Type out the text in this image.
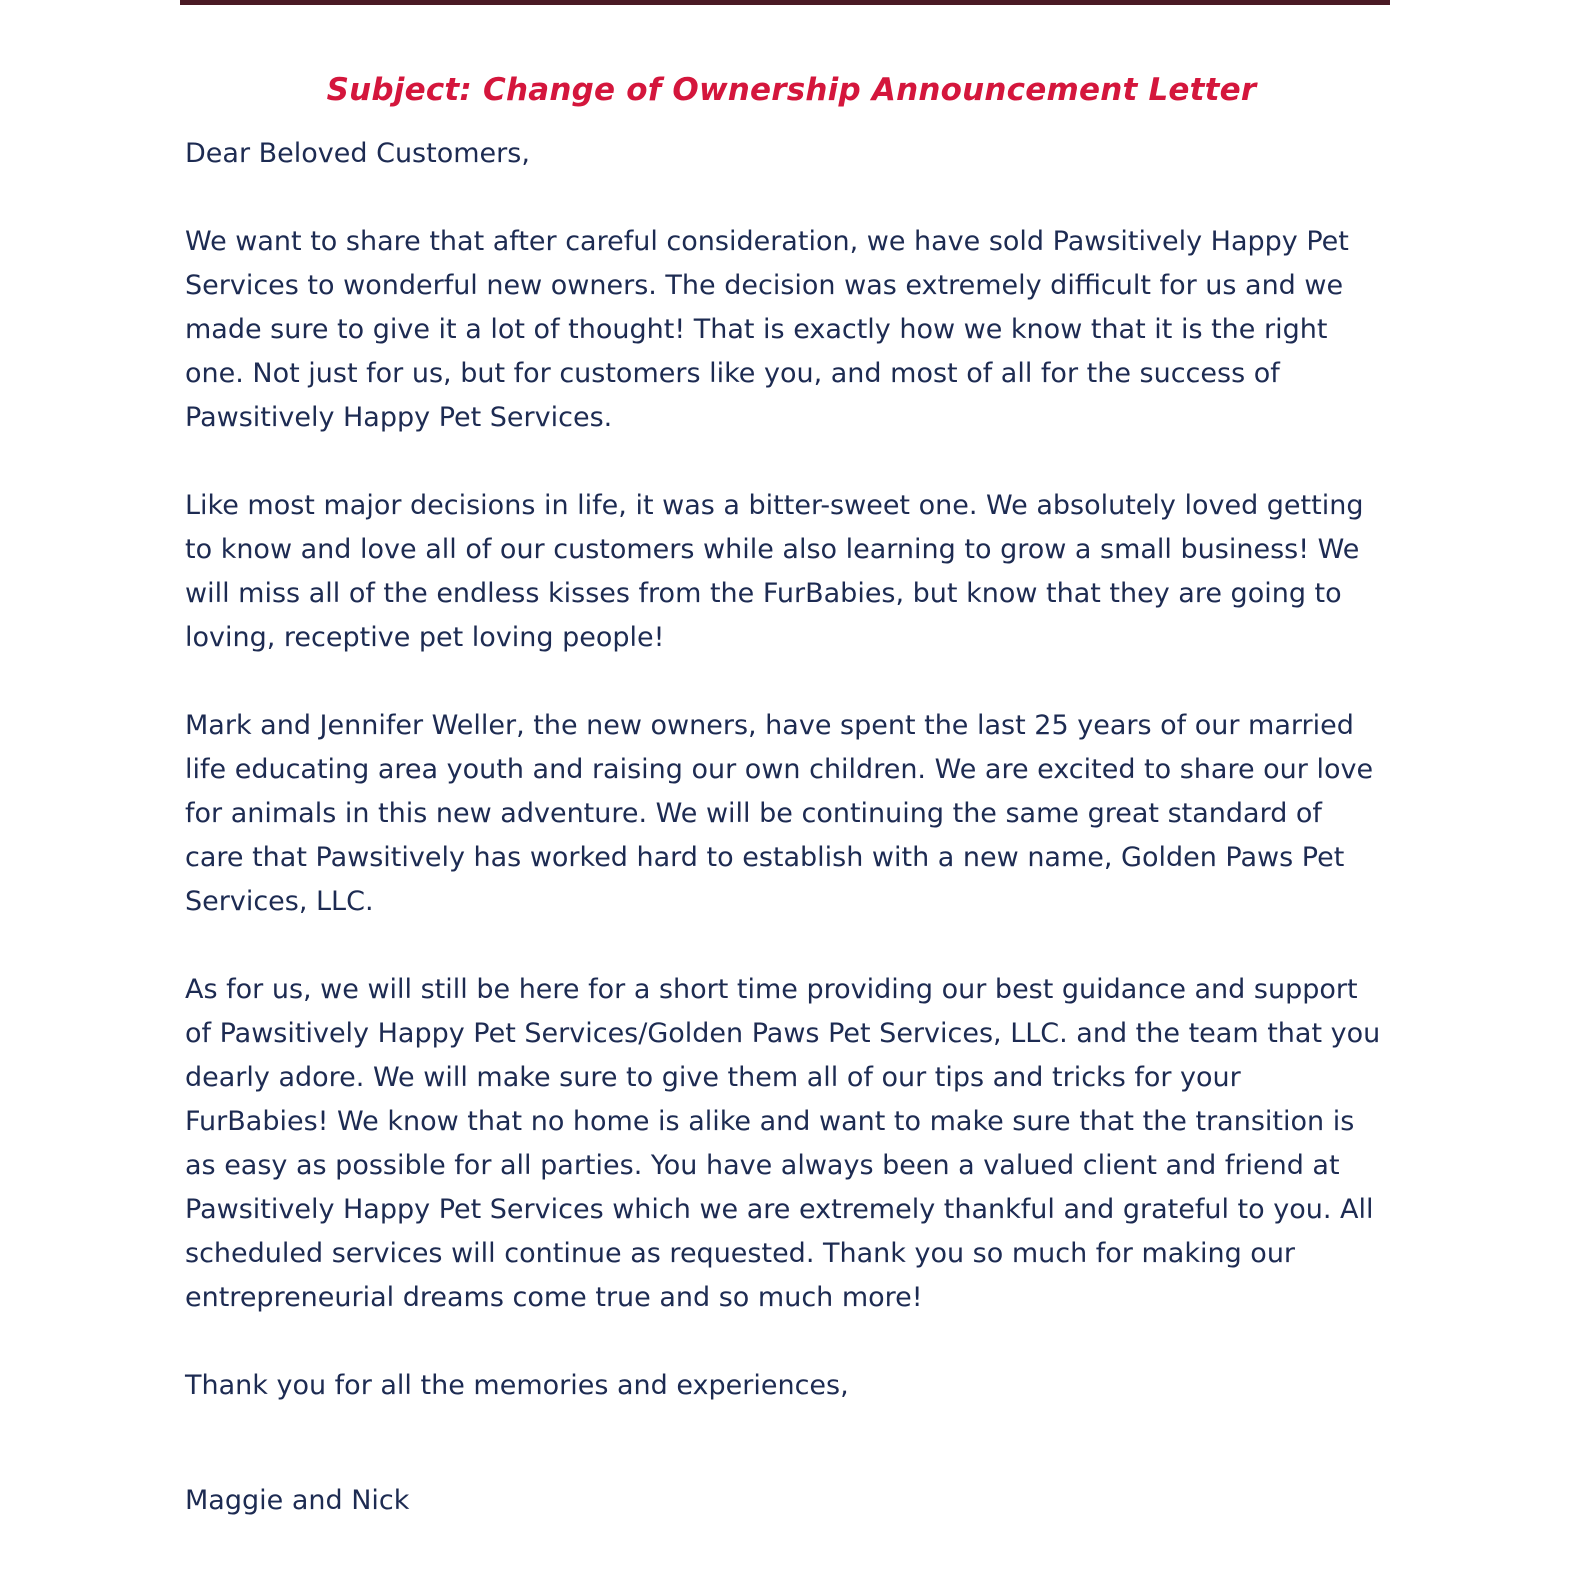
Subject: Change of Ownership Announcement Letter

Dear Beloved Customers,

We want to share that after careful consideration, we have sold Pawsitively Happy Pet Services to wonderful new owners. The decision was extremely difficult for us and we made sure to give it a lot of thought! That is exactly how we know that it is the right one. Not just for us, but for customers like you, and most of all for the success of Pawsitively Happy Pet Services.

Like most major decisions in life, it was a bitter-sweet one. We absolutely loved getting to know and love all of our customers while also learning to grow a small business! We will miss all of the endless kisses from the FurBabies, but know that they are going to loving, receptive pet loving people!

Mark and Jennifer Weller, the new owners, have spent the last 25 years of our married life educating area youth and raising our own children. We are excited to share our love for animals in this new adventure. We will be continuing the same great standard of care that Pawsitively has worked hard to establish with a new name, Golden Paws Pet Services, LLC.

As for us, we will still be here for a short time providing our best guidance and support of Pawsitively Happy Pet Services/Golden Paws Pet Services, LLC. and the team that you dearly adore. We will make sure to give them all of our tips and tricks for your FurBabies! We know that no home is alike and want to make sure that the transition is as easy as possible for all parties. You have always been a valued client and friend at Pawsitively Happy Pet Services which we are extremely thankful and grateful to you. All scheduled services will continue as requested. Thank you so much for making our entrepreneurial dreams come true and so much more!

Thank you for all the memories and experiences,

Maggie and Nick
